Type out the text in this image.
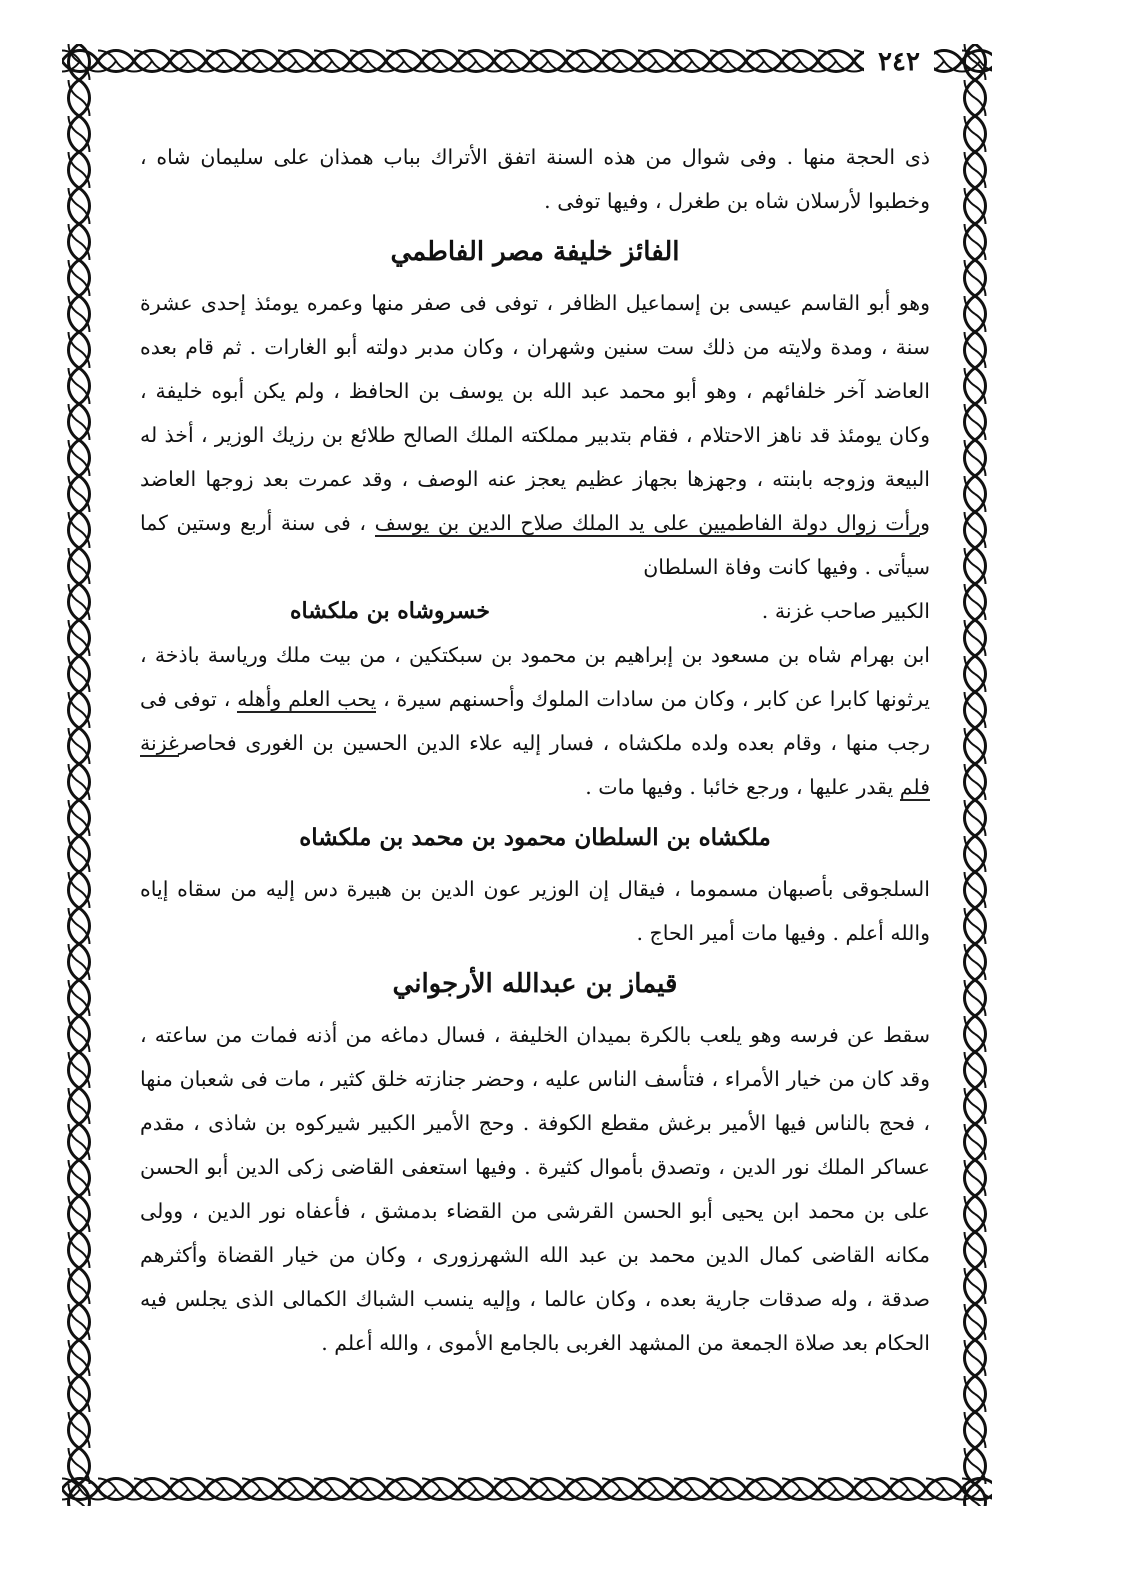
٢٤٢

ذى الحجة منها . وفى شوال من هذه السنة اتفق الأتراك بباب همذان على سليمان شاه ، وخطبوا لأرسلان شاه بن طغرل ، وفيها توفى .

الفائز خليفة مصر الفاطمي

وهو أبو القاسم عيسى بن إسماعيل الظافر ، توفى فى صفر منها وعمره يومئذ إحدى عشرة سنة ، ومدة ولايته من ذلك ست سنين وشهران ، وكان مدبر دولته أبو الغارات . ثم قام بعده العاضد آخر خلفائهم ، وهو أبو محمد عبد الله بن يوسف بن الحافظ ، ولم يكن أبوه خليفة ، وكان يومئذ قد ناهز الاحتلام ، فقام بتدبير مملكته الملك الصالح طلائع بن رزيك الوزير ، أخذ له البيعة وزوجه بابنته ، وجهزها بجهاز عظيم يعجز عنه الوصف ، وقد عمرت بعد زوجها العاضد ورأت زوال دولة الفاطميين على يد الملك صلاح الدين بن يوسف ، فى سنة أربع وستين كما سيأتى . وفيها كانت وفاة السلطان

الكبير صاحب غزنة .
خسروشاه بن ملكشاه

ابن بهرام شاه بن مسعود بن إبراهيم بن محمود بن سبكتكين ، من بيت ملك ورياسة باذخة ، يرثونها كابرا عن كابر ، وكان من سادات الملوك وأحسنهم سيرة ، يحب العلم وأهله ، توفى فى رجب منها ، وقام بعده ولده ملكشاه ، فسار إليه علاء الدين الحسين بن الغورى فحاصرغزنة فلم يقدر عليها ، ورجع خائبا . وفيها مات .

ملكشاه بن السلطان محمود بن محمد بن ملكشاه

السلجوقى بأصبهان مسموما ، فيقال إن الوزير عون الدين بن هبيرة دس إليه من سقاه إياه والله أعلم . وفيها مات أمير الحاج .

قيماز بن عبدالله الأرجواني

سقط عن فرسه وهو يلعب بالكرة بميدان الخليفة ، فسال دماغه من أذنه فمات من ساعته ، وقد كان من خيار الأمراء ، فتأسف الناس عليه ، وحضر جنازته خلق كثير ، مات فى شعبان منها ، فحج بالناس فيها الأمير برغش مقطع الكوفة . وحج الأمير الكبير شيركوه بن شاذى ، مقدم عساكر الملك نور الدين ، وتصدق بأموال كثيرة . وفيها استعفى القاضى زكى الدين أبو الحسن على بن محمد ابن يحيى أبو الحسن القرشى من القضاء بدمشق ، فأعفاه نور الدين ، وولى مكانه القاضى كمال الدين محمد بن عبد الله الشهرزورى ، وكان من خيار القضاة وأكثرهم صدقة ، وله صدقات جارية بعده ، وكان عالما ، وإليه ينسب الشباك الكمالى الذى يجلس فيه الحكام بعد صلاة الجمعة من المشهد الغربى بالجامع الأموى ، والله أعلم .
